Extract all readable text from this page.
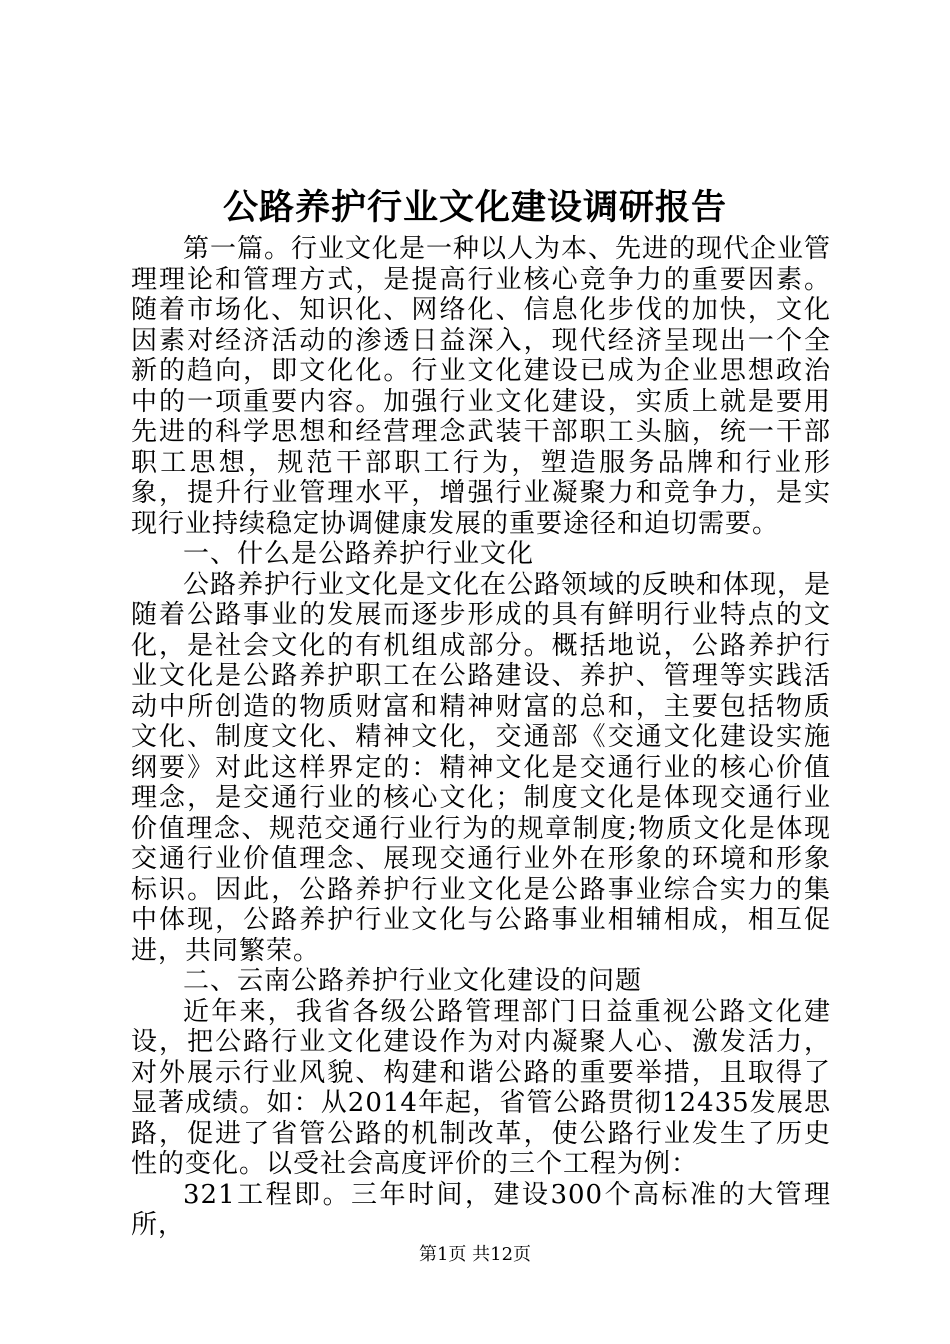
公路养护行业文化建设调研报告

第一篇。行业文化是一种以人为本、先进的现代企业管理理论和管理方式，是提高行业核心竞争力的重要因素。随着市场化、知识化、网络化、信息化步伐的加快，文化因素对经济活动的渗透日益深入，现代经济呈现出一个全新的趋向，即文化化。行业文化建设已成为企业思想政治中的一项重要内容。加强行业文化建设，实质上就是要用先进的科学思想和经营理念武装干部职工头脑，统一干部职工思想，规范干部职工行为，塑造服务品牌和行业形象，提升行业管理水平，增强行业凝聚力和竞争力，是实现行业持续稳定协调健康发展的重要途径和迫切需要。

一、什么是公路养护行业文化

公路养护行业文化是文化在公路领域的反映和体现，是随着公路事业的发展而逐步形成的具有鲜明行业特点的文化，是社会文化的有机组成部分。概括地说，公路养护行业文化是公路养护职工在公路建设、养护、管理等实践活动中所创造的物质财富和精神财富的总和，主要包括物质文化、制度文化、精神文化，交通部《交通文化建设实施纲要》对此这样界定的：精神文化是交通行业的核心价值理念，是交通行业的核心文化；制度文化是体现交通行业价值理念、规范交通行业行为的规章制度;物质文化是体现交通行业价值理念、展现交通行业外在形象的环境和形象标识。因此，公路养护行业文化是公路事业综合实力的集中体现，公路养护行业文化与公路事业相辅相成，相互促进，共同繁荣。

二、云南公路养护行业文化建设的问题

近年来，我省各级公路管理部门日益重视公路文化建设，把公路行业文化建设作为对内凝聚人心、激发活力，对外展示行业风貌、构建和谐公路的重要举措，且取得了显著成绩。如：从2014年起，省管公路贯彻12435发展思路，促进了省管公路的机制改革，使公路行业发生了历史性的变化。以受社会高度评价的三个工程为例：

321工程即。三年时间，建设300个高标准的大管理所，

第1页 共12页
